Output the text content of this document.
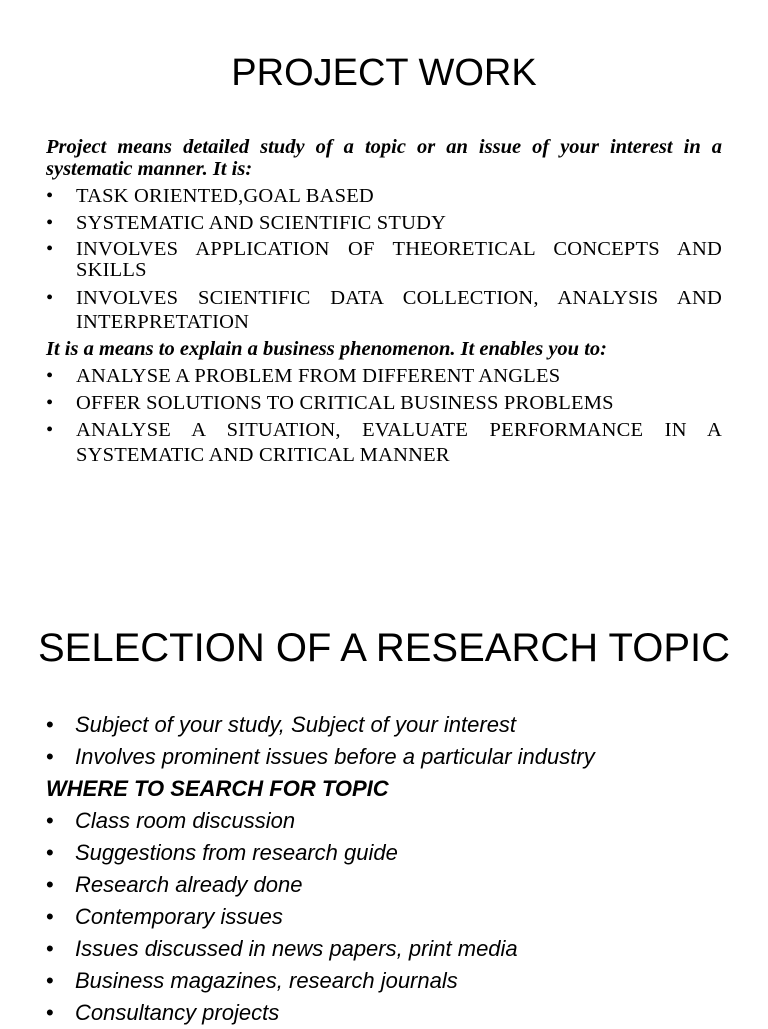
PROJECT WORK

Project means detailed study of a topic or an issue of your interest in a systematic manner. It is:

• TASK ORIENTED,GOAL BASED
• SYSTEMATIC AND SCIENTIFIC STUDY
• INVOLVES APPLICATION OF THEORETICAL CONCEPTS AND SKILLS
• INVOLVES SCIENTIFIC DATA COLLECTION, ANALYSIS AND INTERPRETATION

It is a means to explain a business phenomenon. It enables you to:

• ANALYSE A PROBLEM FROM DIFFERENT ANGLES
• OFFER SOLUTIONS TO CRITICAL BUSINESS PROBLEMS
• ANALYSE A SITUATION, EVALUATE PERFORMANCE IN A SYSTEMATIC AND CRITICAL MANNER
SELECTION OF A RESEARCH TOPIC
• Subject of your study, Subject of your interest
• Involves prominent issues before a particular industry
WHERE TO SEARCH FOR TOPIC
• Class room discussion
• Suggestions from research guide
• Research already done
• Contemporary issues
• Issues discussed in news papers, print media
• Business magazines, research journals
• Consultancy projects
